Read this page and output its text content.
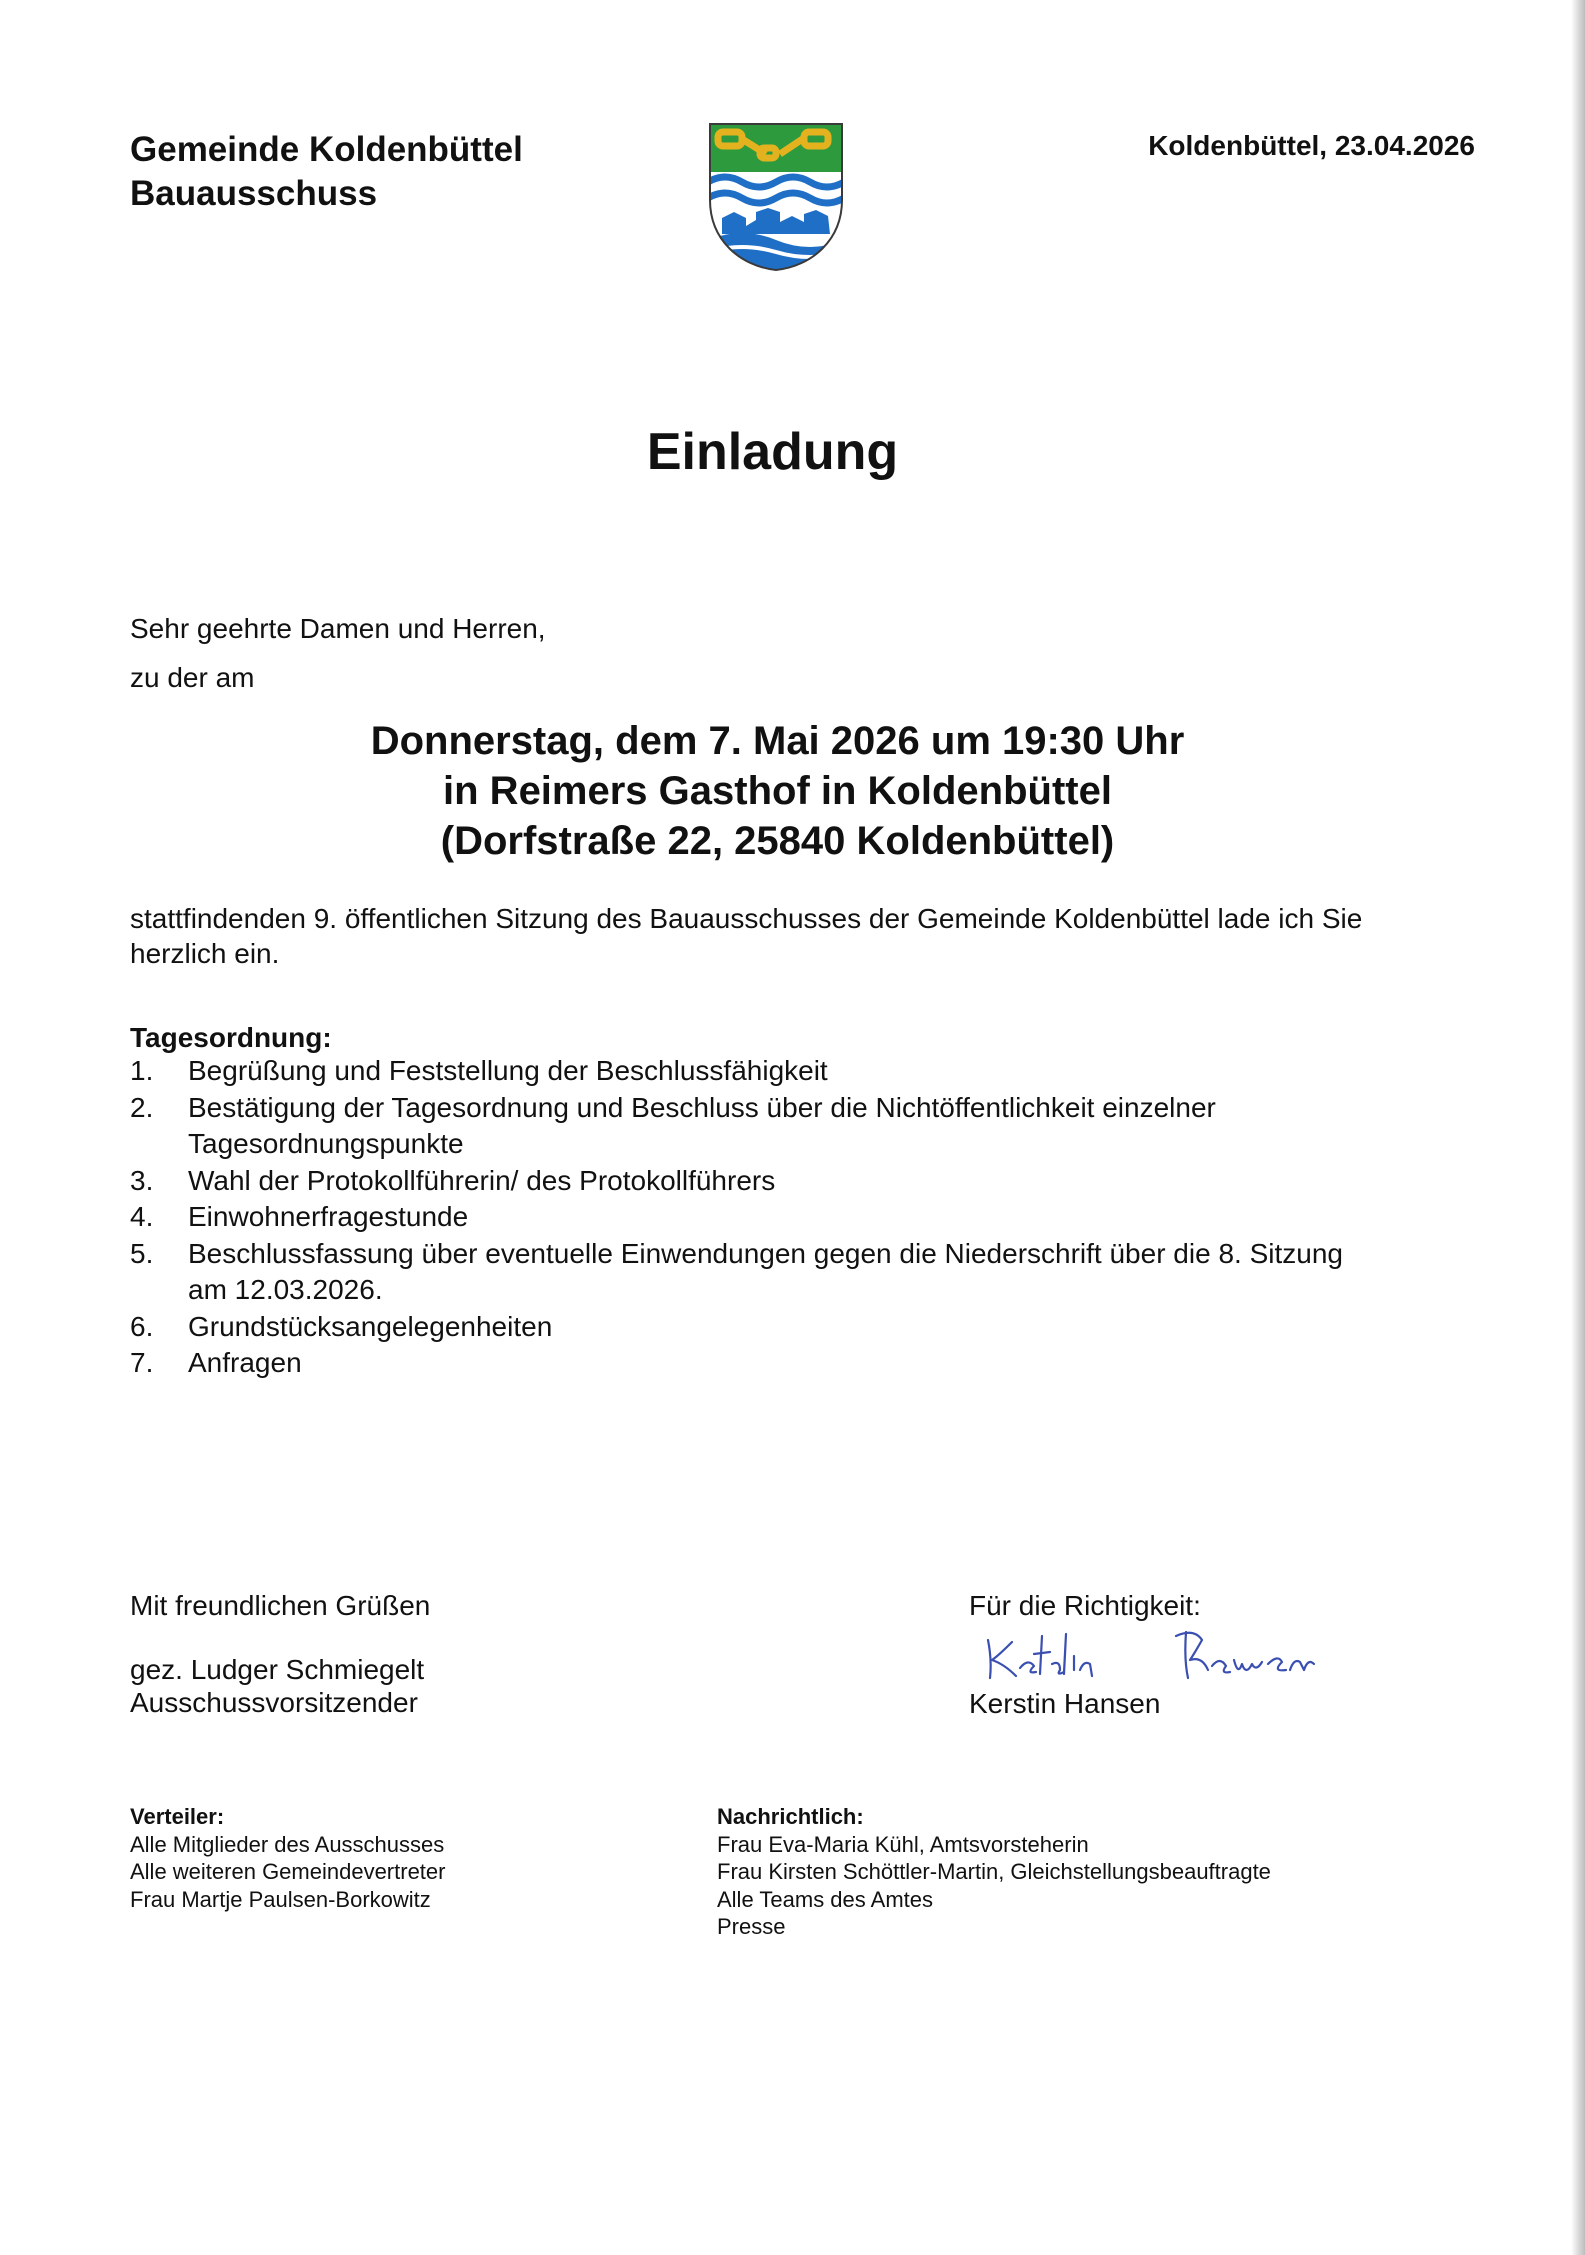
Gemeinde Koldenbüttel
Bauausschuss
Koldenbüttel, 23.04.2026
Einladung
Sehr geehrte Damen und Herren,
zu der am
Donnerstag, dem 7. Mai 2026 um 19:30 Uhr
in Reimers Gasthof in Koldenbüttel
(Dorfstraße 22, 25840 Koldenbüttel)
stattfindenden 9. öffentlichen Sitzung des Bauausschusses der Gemeinde Koldenbüttel lade ich Sie herzlich ein.
Tagesordnung:
1.	Begrüßung und Feststellung der Beschlussfähigkeit
2.	Bestätigung der Tagesordnung und Beschluss über die Nichtöffentlichkeit einzelner Tagesordnungspunkte
3.	Wahl der Protokollführerin/ des Protokollführers
4.	Einwohnerfragestunde
5.	Beschlussfassung über eventuelle Einwendungen gegen die Niederschrift über die 8. Sitzung am 12.03.2026.
6.	Grundstücksangelegenheiten
7.	Anfragen
Mit freundlichen Grüßen
gez. Ludger Schmiegelt
Ausschussvorsitzender
Für die Richtigkeit:
Kerstin Hansen
Verteiler:
Alle Mitglieder des Ausschusses
Alle weiteren Gemeindevertreter
Frau Martje Paulsen-Borkowitz
Nachrichtlich:
Frau Eva-Maria Kühl, Amtsvorsteherin
Frau Kirsten Schöttler-Martin, Gleichstellungsbeauftragte
Alle Teams des Amtes
Presse
